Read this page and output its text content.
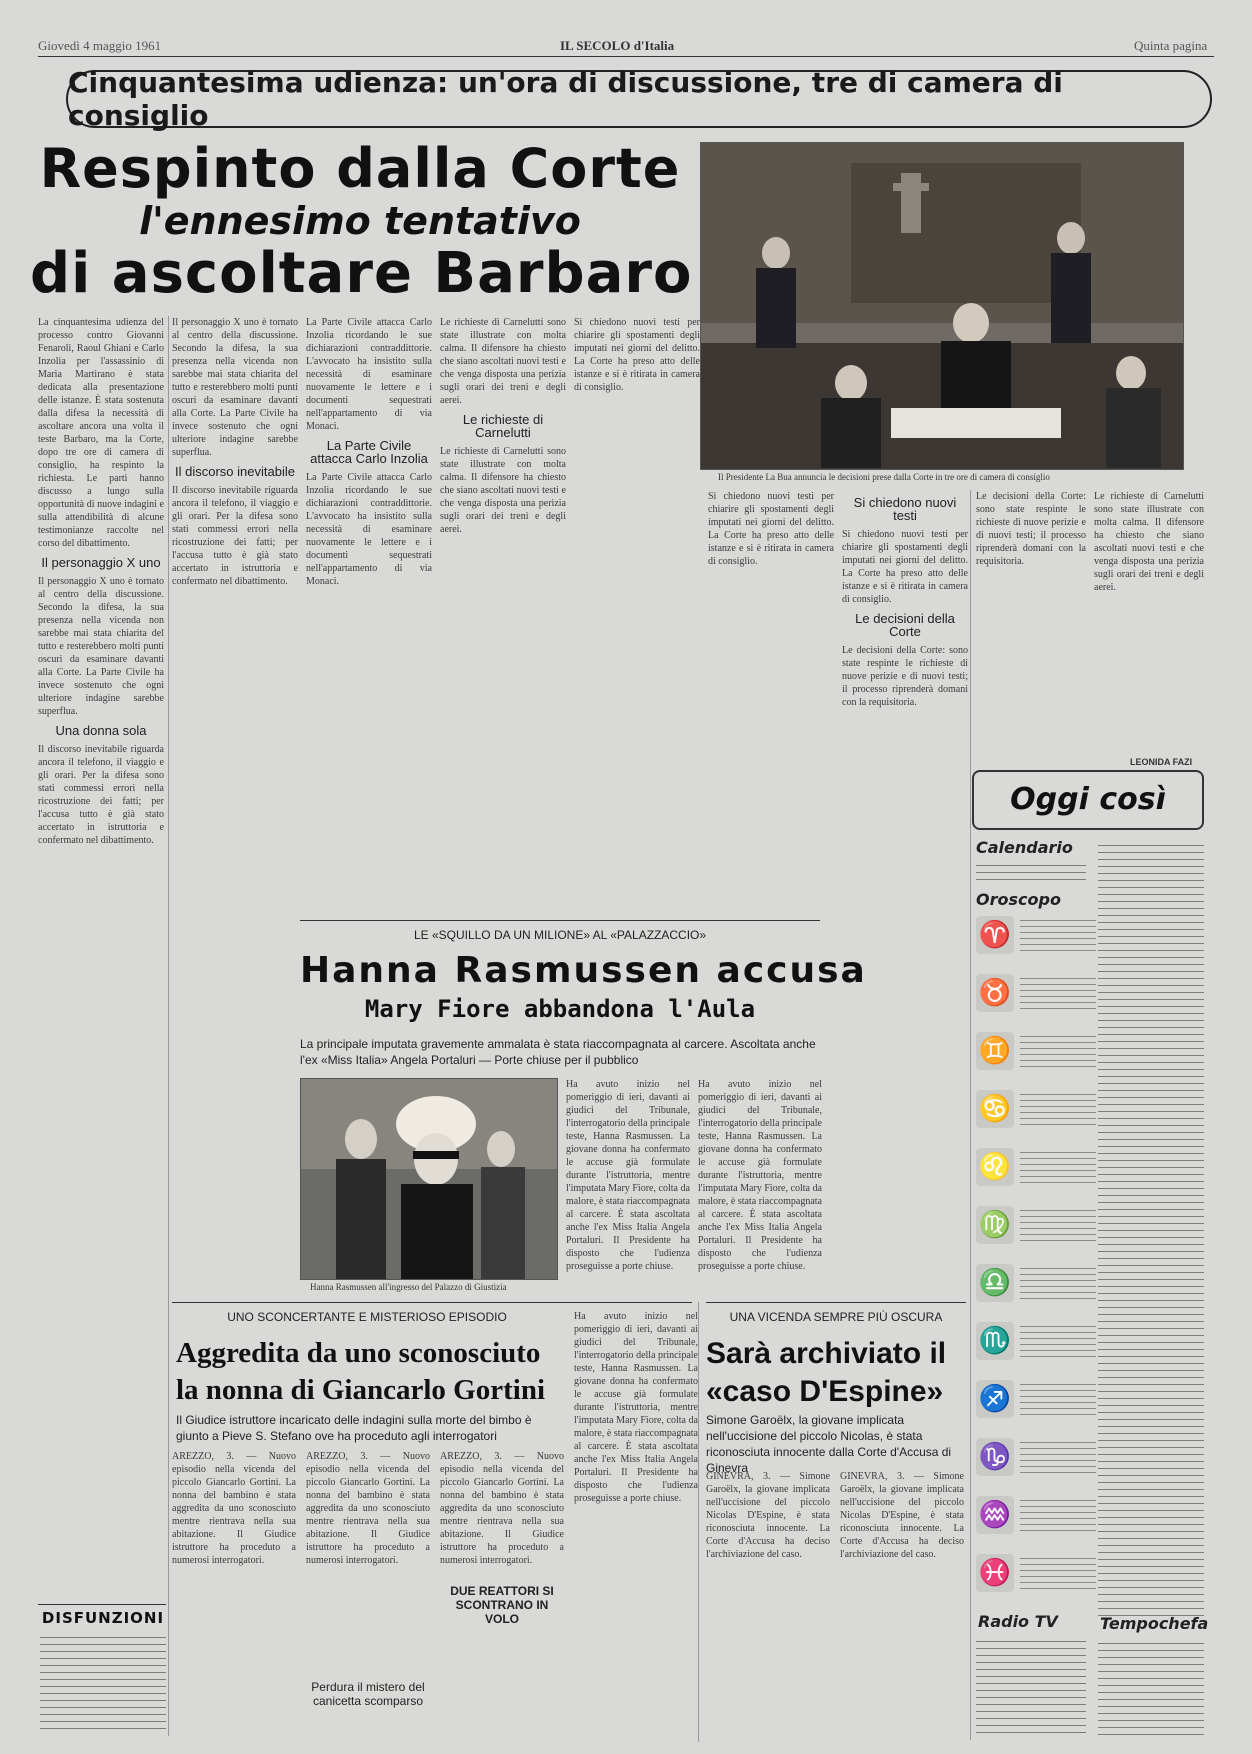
Giovedì 4 maggio 1961	IL SECOLO d'Italia	Quinta pagina
Cinquantesima udienza: un'ora di discussione, tre di camera di consiglio
Respinto dalla Corte
l'ennesimo tentativo
di ascoltare Barbaro
Il Presidente La Bua annuncia le decisioni prese dalla Corte in tre ore di camera di consiglio
La cinquantesima udienza del processo contro Giovanni Fenaroli, Raoul Ghiani e Carlo Inzolia per l'assassinio di Maria Martirano è stata dedicata alla presentazione delle istanze. È stata sostenuta dalla difesa la necessità di ascoltare ancora una volta il teste Barbaro, ma la Corte, dopo tre ore di camera di consiglio, ha respinto la richiesta. Le parti hanno discusso a lungo sulla opportunità di nuove indagini e sulla attendibilità di alcune testimonianze raccolte nel corso del dibattimento.
Il personaggio X uno
Il personaggio X uno è tornato al centro della discussione. Secondo la difesa, la sua presenza nella vicenda non sarebbe mai stata chiarita del tutto e resterebbero molti punti oscuri da esaminare davanti alla Corte. La Parte Civile ha invece sostenuto che ogni ulteriore indagine sarebbe superflua.
Una donna sola
Il discorso inevitabile riguarda ancora il telefono, il viaggio e gli orari. Per la difesa sono stati commessi errori nella ricostruzione dei fatti; per l'accusa tutto è già stato accertato in istruttoria e confermato nel dibattimento.
Il personaggio X uno è tornato al centro della discussione. Secondo la difesa, la sua presenza nella vicenda non sarebbe mai stata chiarita del tutto e resterebbero molti punti oscuri da esaminare davanti alla Corte. La Parte Civile ha invece sostenuto che ogni ulteriore indagine sarebbe superflua.
Il discorso inevitabile
Il discorso inevitabile riguarda ancora il telefono, il viaggio e gli orari. Per la difesa sono stati commessi errori nella ricostruzione dei fatti; per l'accusa tutto è già stato accertato in istruttoria e confermato nel dibattimento.
La Parte Civile attacca Carlo Inzolia ricordando le sue dichiarazioni contraddittorie. L'avvocato ha insistito sulla necessità di esaminare nuovamente le lettere e i documenti sequestrati nell'appartamento di via Monaci.
La Parte Civile attacca Carlo Inzolia
La Parte Civile attacca Carlo Inzolia ricordando le sue dichiarazioni contraddittorie. L'avvocato ha insistito sulla necessità di esaminare nuovamente le lettere e i documenti sequestrati nell'appartamento di via Monaci.
Le richieste di Carnelutti sono state illustrate con molta calma. Il difensore ha chiesto che siano ascoltati nuovi testi e che venga disposta una perizia sugli orari dei treni e degli aerei.
Le richieste di Carnelutti
Le richieste di Carnelutti sono state illustrate con molta calma. Il difensore ha chiesto che siano ascoltati nuovi testi e che venga disposta una perizia sugli orari dei treni e degli aerei.
Si chiedono nuovi testi per chiarire gli spostamenti degli imputati nei giorni del delitto. La Corte ha preso atto delle istanze e si è ritirata in camera di consiglio.
Si chiedono nuovi testi per chiarire gli spostamenti degli imputati nei giorni del delitto. La Corte ha preso atto delle istanze e si è ritirata in camera di consiglio.
Si chiedono nuovi testi
Si chiedono nuovi testi per chiarire gli spostamenti degli imputati nei giorni del delitto. La Corte ha preso atto delle istanze e si è ritirata in camera di consiglio.
Le decisioni della Corte
Le decisioni della Corte: sono state respinte le richieste di nuove perizie e di nuovi testi; il processo riprenderà domani con la requisitoria.
Le decisioni della Corte: sono state respinte le richieste di nuove perizie e di nuovi testi; il processo riprenderà domani con la requisitoria.
Le richieste di Carnelutti sono state illustrate con molta calma. Il difensore ha chiesto che siano ascoltati nuovi testi e che venga disposta una perizia sugli orari dei treni e degli aerei.
LEONIDA FAZI
LE «SQUILLO DA UN MILIONE» AL «PALAZZACCIO»
Hanna Rasmussen accusa
Mary Fiore abbandona l'Aula
La principale imputata gravemente ammalata è stata riaccompagnata al carcere. Ascoltata anche l'ex «Miss Italia» Angela Portaluri — Porte chiuse per il pubblico
Hanna Rasmussen all'ingresso del Palazzo di Giustizia
Ha avuto inizio nel pomeriggio di ieri, davanti ai giudici del Tribunale, l'interrogatorio della principale teste, Hanna Rasmussen. La giovane donna ha confermato le accuse già formulate durante l'istruttoria, mentre l'imputata Mary Fiore, colta da malore, è stata riaccompagnata al carcere. È stata ascoltata anche l'ex Miss Italia Angela Portaluri. Il Presidente ha disposto che l'udienza proseguisse a porte chiuse.
Ha avuto inizio nel pomeriggio di ieri, davanti ai giudici del Tribunale, l'interrogatorio della principale teste, Hanna Rasmussen. La giovane donna ha confermato le accuse già formulate durante l'istruttoria, mentre l'imputata Mary Fiore, colta da malore, è stata riaccompagnata al carcere. È stata ascoltata anche l'ex Miss Italia Angela Portaluri. Il Presidente ha disposto che l'udienza proseguisse a porte chiuse.
UNO SCONCERTANTE E MISTERIOSO EPISODIO
Aggredita da uno sconosciuto la nonna di Giancarlo Gortini
Il Giudice istruttore incaricato delle indagini sulla morte del bimbo è giunto a Pieve S. Stefano ove ha proceduto agli interrogatori
AREZZO, 3. — Nuovo episodio nella vicenda del piccolo Giancarlo Gortini. La nonna del bambino è stata aggredita da uno sconosciuto mentre rientrava nella sua abitazione. Il Giudice istruttore ha proceduto a numerosi interrogatori.
AREZZO, 3. — Nuovo episodio nella vicenda del piccolo Giancarlo Gortini. La nonna del bambino è stata aggredita da uno sconosciuto mentre rientrava nella sua abitazione. Il Giudice istruttore ha proceduto a numerosi interrogatori.
AREZZO, 3. — Nuovo episodio nella vicenda del piccolo Giancarlo Gortini. La nonna del bambino è stata aggredita da uno sconosciuto mentre rientrava nella sua abitazione. Il Giudice istruttore ha proceduto a numerosi interrogatori.
DUE REATTORI SI SCONTRANO IN VOLO
Perdura il mistero del canicetta scomparso
Ha avuto inizio nel pomeriggio di ieri, davanti ai giudici del Tribunale, l'interrogatorio della principale teste, Hanna Rasmussen. La giovane donna ha confermato le accuse già formulate durante l'istruttoria, mentre l'imputata Mary Fiore, colta da malore, è stata riaccompagnata al carcere. È stata ascoltata anche l'ex Miss Italia Angela Portaluri. Il Presidente ha disposto che l'udienza proseguisse a porte chiuse.
UNA VICENDA SEMPRE PIÙ OSCURA
Sarà archiviato il «caso D'Espine»
Simone Garoëlx, la giovane implicata nell'uccisione del piccolo Nicolas, è stata riconosciuta innocente dalla Corte d'Accusa di Ginevra
GINEVRA, 3. — Simone Garoëlx, la giovane implicata nell'uccisione del piccolo Nicolas D'Espine, è stata riconosciuta innocente. La Corte d'Accusa ha deciso l'archiviazione del caso.
GINEVRA, 3. — Simone Garoëlx, la giovane implicata nell'uccisione del piccolo Nicolas D'Espine, è stata riconosciuta innocente. La Corte d'Accusa ha deciso l'archiviazione del caso.
Oggi così
Calendario
Oroscopo
♈
♉
♊
♋
♌
♍
♎
♏
♐
♑
♒
♓
Radio TV	Tempochefa
DISFUNZIONI
